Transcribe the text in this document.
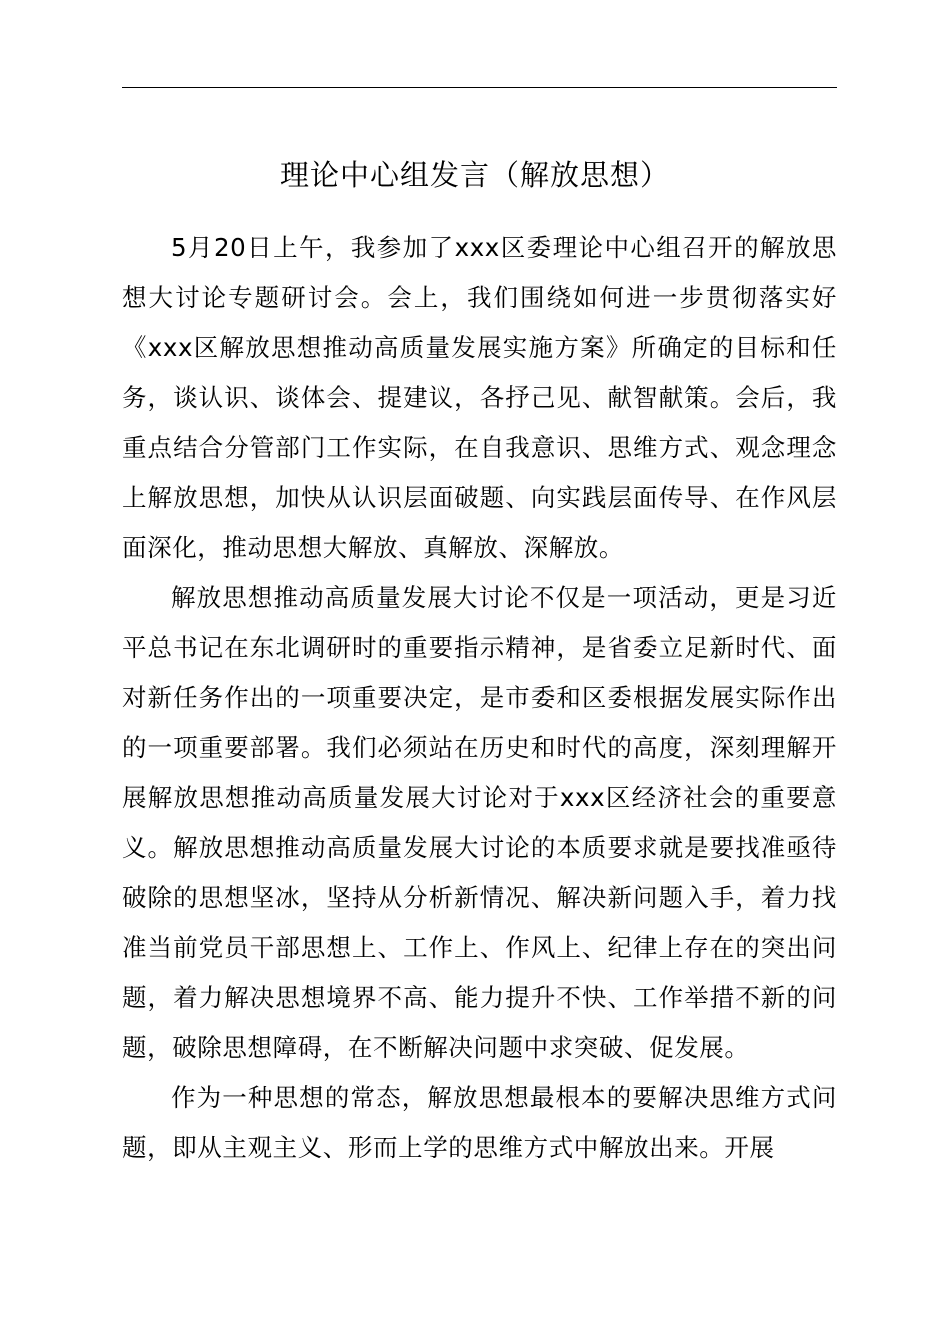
理论中心组发言（解放思想）

5月20日上午，我参加了xxx区委理论中心组召开的解放思想大讨论专题研讨会。会上，我们围绕如何进一步贯彻落实好《xxx区解放思想推动高质量发展实施方案》所确定的目标和任务，谈认识、谈体会、提建议，各抒己见、献智献策。会后，我重点结合分管部门工作实际，在自我意识、思维方式、观念理念上解放思想，加快从认识层面破题、向实践层面传导、在作风层面深化，推动思想大解放、真解放、深解放。

解放思想推动高质量发展大讨论不仅是一项活动，更是习近平总书记在东北调研时的重要指示精神，是省委立足新时代、面对新任务作出的一项重要决定，是市委和区委根据发展实际作出的一项重要部署。我们必须站在历史和时代的高度，深刻理解开展解放思想推动高质量发展大讨论对于xxx区经济社会的重要意义。解放思想推动高质量发展大讨论的本质要求就是要找准亟待破除的思想坚冰，坚持从分析新情况、解决新问题入手，着力找准当前党员干部思想上、工作上、作风上、纪律上存在的突出问题，着力解决思想境界不高、能力提升不快、工作举措不新的问题，破除思想障碍，在不断解决问题中求突破、促发展。

作为一种思想的常态，解放思想最根本的要解决思维方式问题，即从主观主义、形而上学的思维方式中解放出来。开展
